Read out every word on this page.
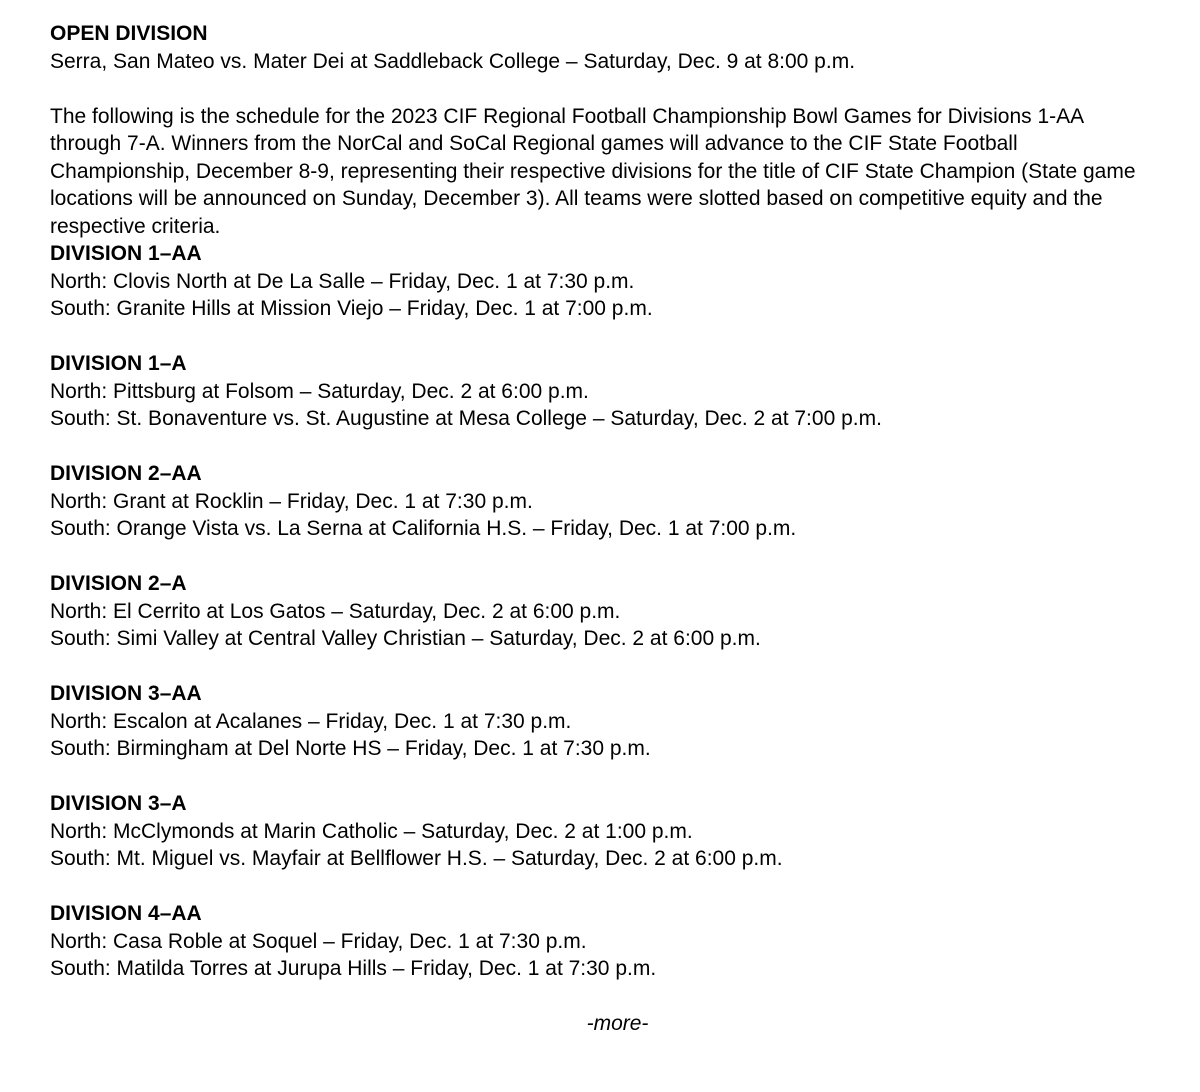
OPEN DIVISION

Serra, San Mateo vs. Mater Dei at Saddleback College – Saturday, Dec. 9 at 8:00 p.m.

The following is the schedule for the 2023 CIF Regional Football Championship Bowl Games for Divisions 1-AA through 7-A. Winners from the NorCal and SoCal Regional games will advance to the CIF State Football Championship, December 8-9, representing their respective divisions for the title of CIF State Champion (State game locations will be announced on Sunday, December 3). All teams were slotted based on competitive equity and the respective criteria.

DIVISION 1–AA

North: Clovis North at De La Salle – Friday, Dec. 1 at 7:30 p.m.

South: Granite Hills at Mission Viejo – Friday, Dec. 1 at 7:00 p.m.

DIVISION 1–A

North: Pittsburg at Folsom – Saturday, Dec. 2 at 6:00 p.m.

South: St. Bonaventure vs. St. Augustine at Mesa College – Saturday, Dec. 2 at 7:00 p.m.

DIVISION 2–AA

North: Grant at Rocklin – Friday, Dec. 1 at 7:30 p.m.

South: Orange Vista vs. La Serna at California H.S. – Friday, Dec. 1 at 7:00 p.m.

DIVISION 2–A

North: El Cerrito at Los Gatos – Saturday, Dec. 2 at 6:00 p.m.

South: Simi Valley at Central Valley Christian – Saturday, Dec. 2 at 6:00 p.m.

DIVISION 3–AA

North: Escalon at Acalanes – Friday, Dec. 1 at 7:30 p.m.

South: Birmingham at Del Norte HS – Friday, Dec. 1 at 7:30 p.m.

DIVISION 3–A

North: McClymonds at Marin Catholic – Saturday, Dec. 2 at 1:00 p.m.

South: Mt. Miguel vs. Mayfair at Bellflower H.S. – Saturday, Dec. 2 at 6:00 p.m.

DIVISION 4–AA

North: Casa Roble at Soquel – Friday, Dec. 1 at 7:30 p.m.

South: Matilda Torres at Jurupa Hills – Friday, Dec. 1 at 7:30 p.m.

-more-
